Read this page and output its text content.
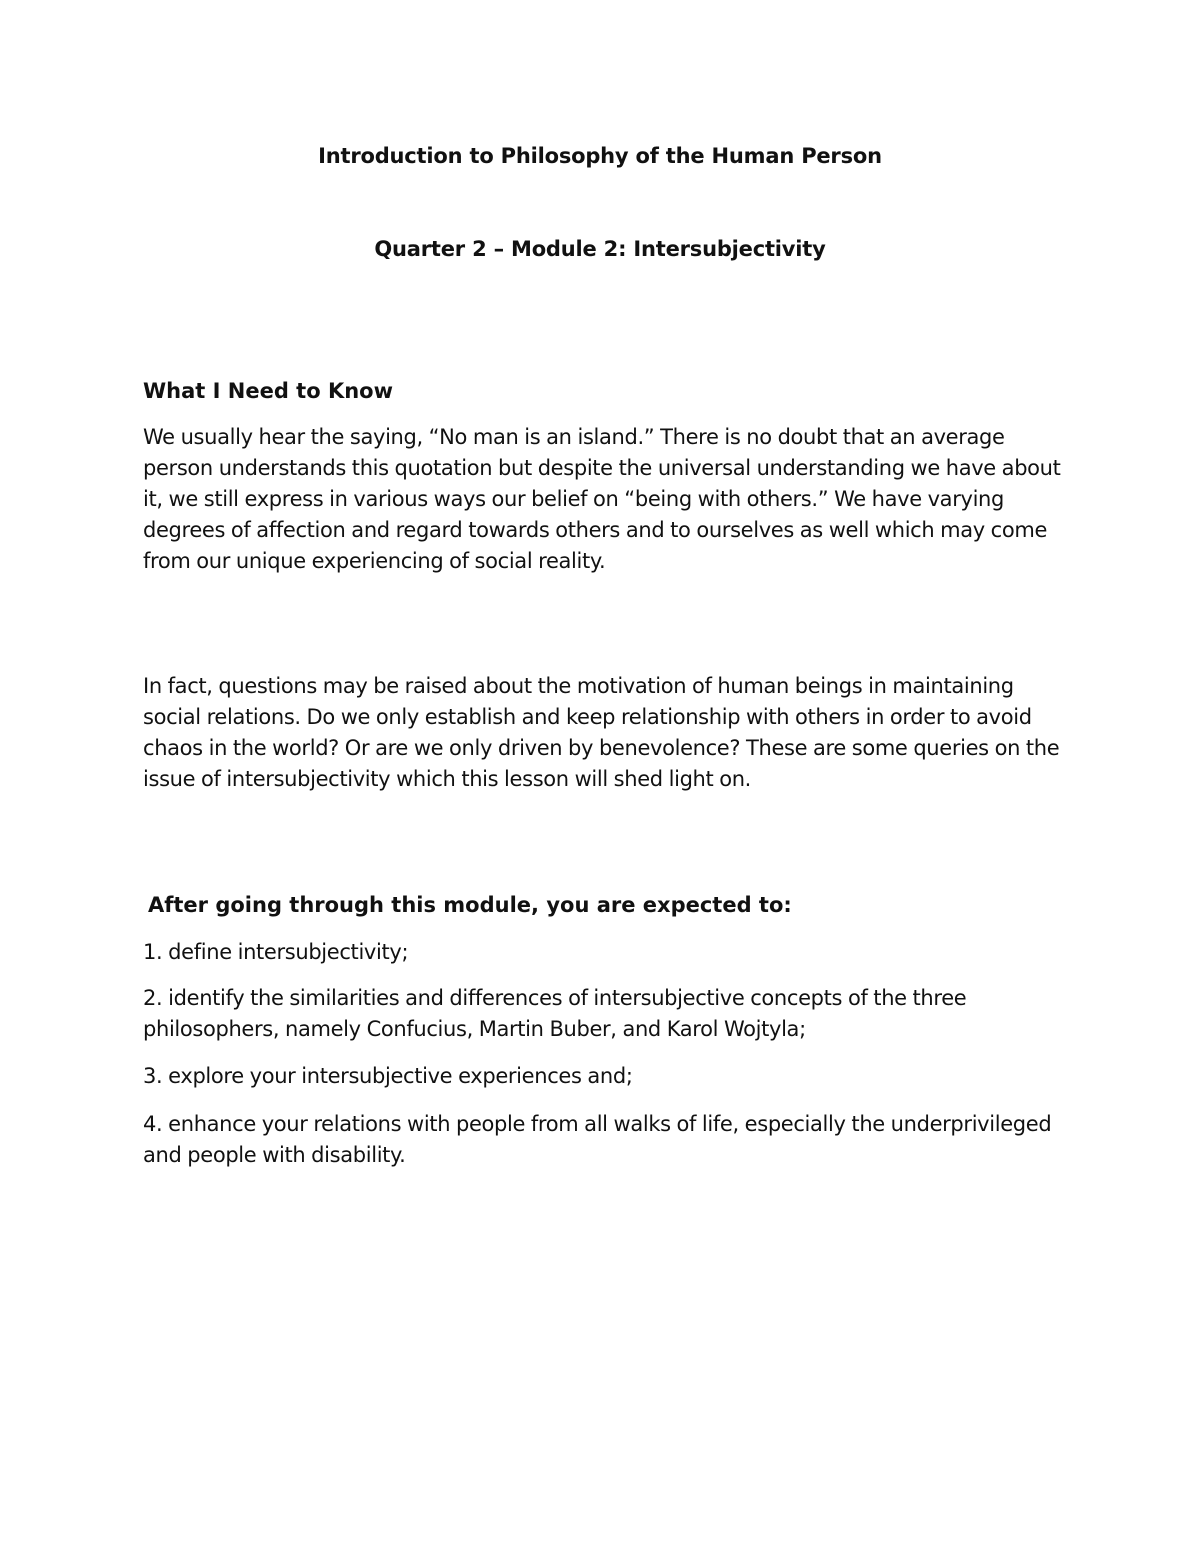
Introduction to Philosophy of the Human Person
Quarter 2 – Module 2: Intersubjectivity
What I Need to Know

We usually hear the saying, “No man is an island.” There is no doubt that an average person understands this quotation but despite the universal understanding we have about it, we still express in various ways our belief on “being with others.” We have varying degrees of affection and regard towards others and to ourselves as well which may come from our unique experiencing of social reality.

In fact, questions may be raised about the motivation of human beings in maintaining social relations. Do we only establish and keep relationship with others in order to avoid chaos in the world? Or are we only driven by benevolence? These are some queries on the issue of intersubjectivity which this lesson will shed light on.

After going through this module, you are expected to:

1. define intersubjectivity;

2. identify the similarities and differences of intersubjective concepts of the three philosophers, namely Confucius, Martin Buber, and Karol Wojtyla;

3. explore your intersubjective experiences and;

4. enhance your relations with people from all walks of life, especially the underprivileged and people with disability.
